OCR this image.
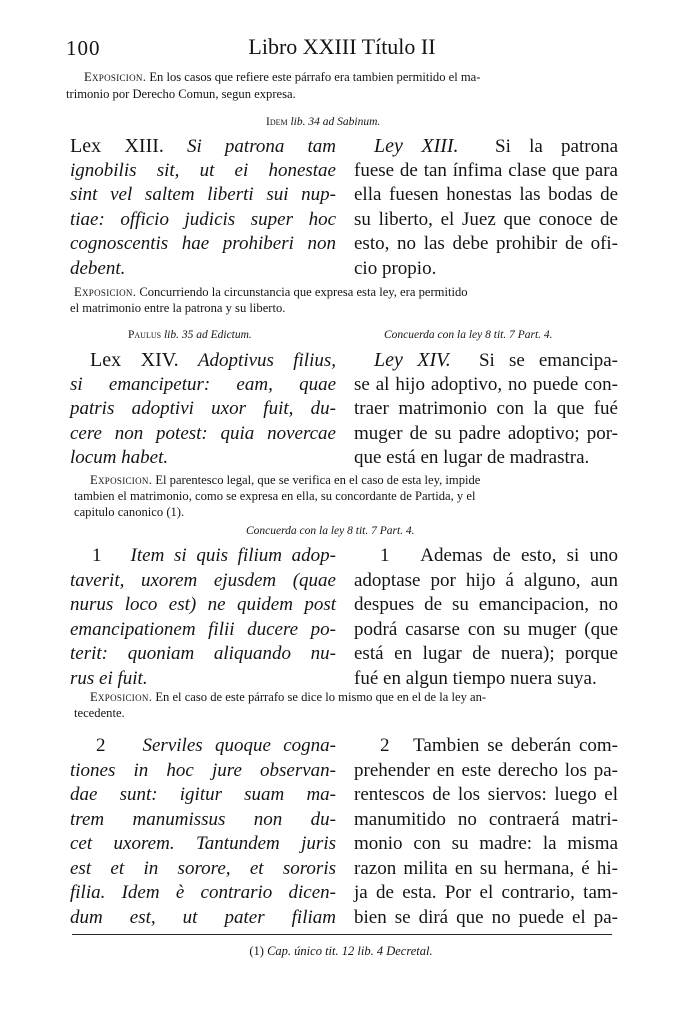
100	Libro XXIII Título II
Exposicion. En los casos que refiere este párrafo era tambien permitido el ma-
trimonio por Derecho Comun, segun expresa.
Idem lib. 34 ad Sabinum.
Lex XIII. Si patrona tam
ignobilis sit, ut ei honestae
sint vel saltem liberti sui nup-
tiae: officio judicis super hoc
cognoscentis hae prohiberi non
debent.
Ley XIII. Si la patrona
fuese de tan ínfima clase que para
ella fuesen honestas las bodas de
su liberto, el Juez que conoce de
esto, no las debe prohibir de ofi-
cio propio.
Exposicion. Concurriendo la circunstancia que expresa esta ley, era permitido
el matrimonio entre la patrona y su liberto.
Paulus lib. 35 ad Edictum.	Concuerda con la ley 8 tit. 7 Part. 4.
Lex XIV. Adoptivus filius,
si emancipetur: eam, quae
patris adoptivi uxor fuit, du-
cere non potest: quia novercae
locum habet.
Ley XIV. Si se emancipa-
se al hijo adoptivo, no puede con-
traer matrimonio con la que fué
muger de su padre adoptivo; por-
que está en lugar de madrastra.
Exposicion. El parentesco legal, que se verifica en el caso de esta ley, impide
tambien el matrimonio, como se expresa en ella, su concordante de Partida, y el
capitulo canonico (1).
Concuerda con la ley 8 tit. 7 Part. 4.
1 Item si quis filium adop-
taverit, uxorem ejusdem (quae
nurus loco est) ne quidem post
emancipationem filii ducere po-
terit: quoniam aliquando nu-
rus ei fuit.
1 Ademas de esto, si uno
adoptase por hijo á alguno, aun
despues de su emancipacion, no
podrá casarse con su muger (que
está en lugar de nuera); porque
fué en algun tiempo nuera suya.
Exposicion. En el caso de este párrafo se dice lo mismo que en el de la ley an-
tecedente.
2 Serviles quoque cogna-
tiones in hoc jure observan-
dae sunt: igitur suam ma-
trem manumissus non du-
cet uxorem. Tantundem juris
est et in sorore, et sororis
filia. Idem è contrario dicen-
dum est, ut pater filiam
2 Tambien se deberán com-
prehender en este derecho los pa-
rentescos de los siervos: luego el
manumitido no contraerá matri-
monio con su madre: la misma
razon milita en su hermana, é hi-
ja de esta. Por el contrario, tam-
bien se dirá que no puede el pa-
(1) Cap. único tit. 12 lib. 4 Decretal.
